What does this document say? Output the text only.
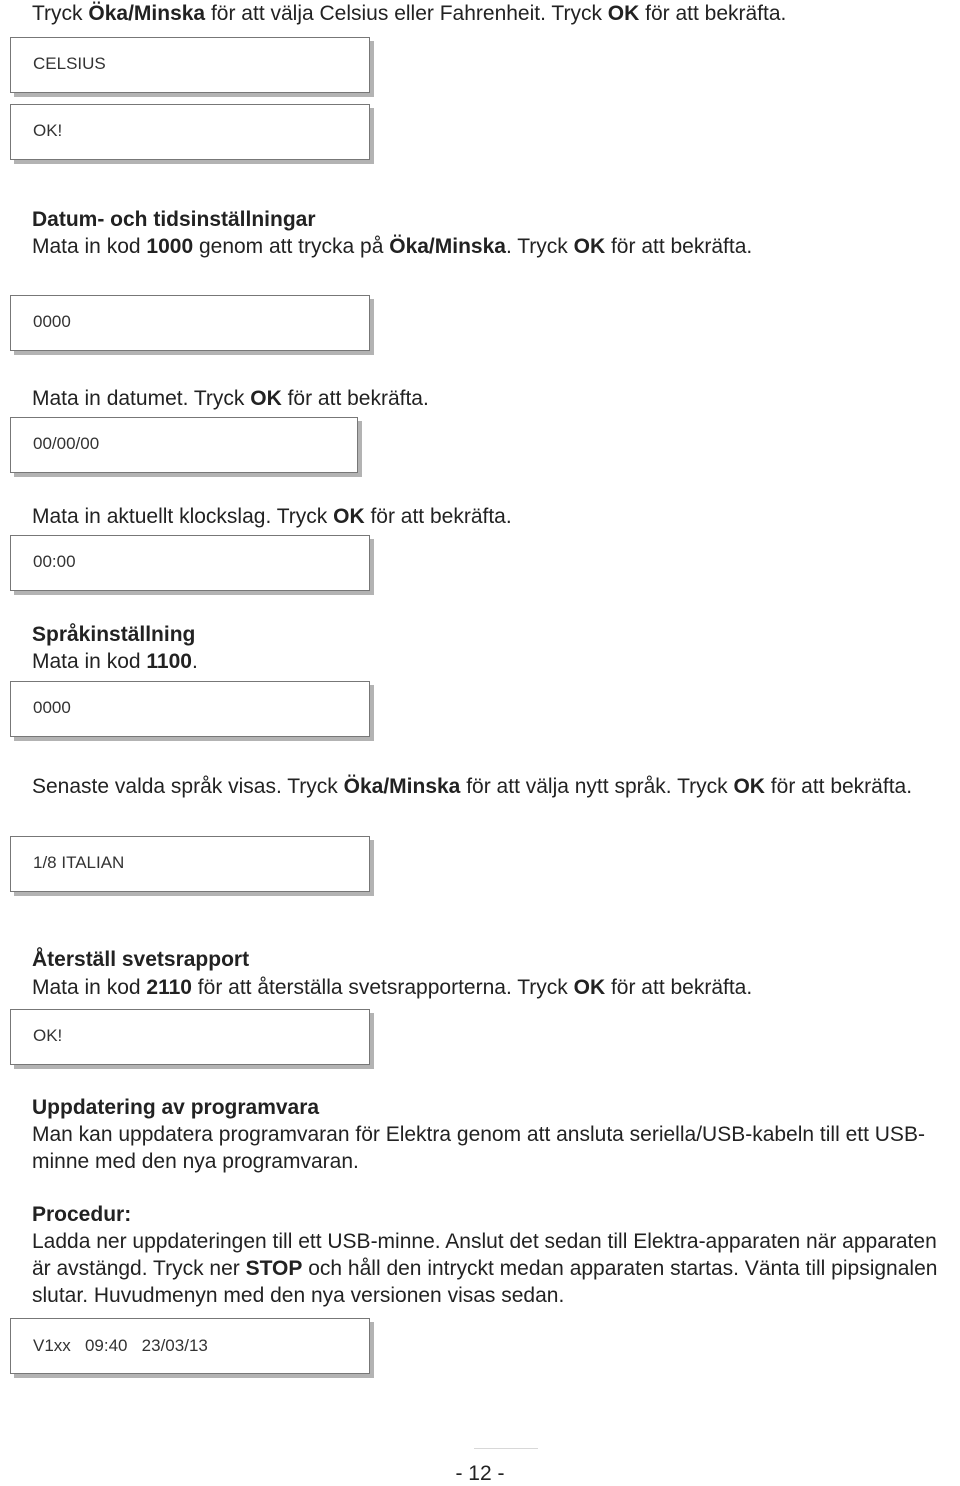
Tryck Öka/Minska för att välja Celsius eller Fahrenheit. Tryck OK för att bekräfta.

CELSIUS
OK!

Datum- och tidsinställningar

Mata in kod 1000 genom att trycka på Öka/Minska. Tryck OK för att bekräfta.

0000

Mata in datumet. Tryck OK för att bekräfta.

00/00/00

Mata in aktuellt klockslag. Tryck OK för att bekräfta.

00:00

Språkinställning

Mata in kod 1100.

0000

Senaste valda språk visas. Tryck Öka/Minska för att välja nytt språk. Tryck OK för att bekräfta.

1/8 ITALIAN

Återställ svetsrapport

Mata in kod 2110 för att återställa svetsrapporterna. Tryck OK för att bekräfta.

OK!

Uppdatering av programvara

Man kan uppdatera programvaran för Elektra genom att ansluta seriella/USB-kabeln till ett USB-minne med den nya programvaran.

Procedur:

Ladda ner uppdateringen till ett USB-minne. Anslut det sedan till Elektra-apparaten när apparaten är avstängd. Tryck ner STOP och håll den intryckt medan apparaten startas. Vänta till pipsignalen slutar. Huvudmenyn med den nya versionen visas sedan.

V1xx   09:40   23/03/13
- 12 -
